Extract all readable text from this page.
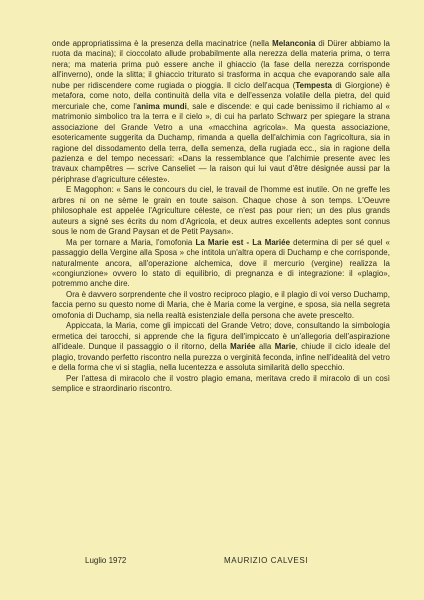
onde appropriatissima è la presenza della macinatrice (nella Melanconia di Dürer abbiamo la ruota da macina); il cioccolato allude probabilmente alla nerezza della materia prima, o terra nera; ma materia prima può essere anche il ghiaccio (la fase della nerezza corrisponde all'inverno), onde la slitta; il ghiaccio triturato si trasforma in acqua che evaporando sale alla nube per ridiscendere come rugiada o pioggia. Il ciclo dell'acqua (Tempesta di Giorgione) è metafora, come noto, della continuità della vita e dell'essenza volatile della pietra, del quid mercuriale che, come l'anima mundi, sale e discende: e qui cade benissimo il richiamo al « matrimonio simbolico tra la terra e il cielo », di cui ha parlato Schwarz per spiegare la strana associazione del Grande Vetro a una «macchina agricola». Ma questa associazione, esotericamente suggerita da Duchamp, rimanda a quella dell'alchimia con l'agricoltura, sia in ragione del dissodamento della terra, della semenza, della rugiada ecc., sia in ragione della pazienza e del tempo necessari: «Dans la ressemblance que l'alchimie presente avec les travaux champêtres — scrive Canseliet — la raison qui lui vaut d'être désignée aussi par la périphrase d'agriculture céleste».

E Magophon: « Sans le concours du ciel, le travail de l'homme est inutile. On ne greffe les arbres ni on ne sème le grain en toute saison. Chaque chose à son temps. L'Oeuvre philosophale est appelée l'Agriculture céleste, ce n'est pas pour rien; un des plus grands auteurs a signé ses écrits du nom d'Agricola, et deux autres excellents adeptes sont connus sous le nom de Grand Paysan et de Petit Paysan».

Ma per tornare a Maria, l'omofonia La Marie est - La Mariée determina di per sé quel « passaggio della Vergine alla Sposa » che intitola un'altra opera di Duchamp e che corrisponde, naturalmente ancora, all'operazione alchemica, dove il mercurio (vergine) realizza la «congiunzione» ovvero lo stato di equilibrio, di pregnanza e di integrazione: il «plagio», potremmo anche dire.

Ora è davvero sorprendente che il vostro reciproco plagio, e il plagio di voi verso Duchamp, faccia perno su questo nome di Maria, che è Maria come la vergine, e sposa, sia nella segreta omofonia di Duchamp, sia nella realtà esistenziale della persona che avete prescelto.

Appiccata, la Maria, come gli impiccati del Grande Vetro; dove, consultando la simbologia ermetica dei tarocchi, si apprende che la figura dell'impiccato è un'allegoria dell'aspirazione all'ideale. Dunque il passaggio o il ritorno, della Mariée alla Marie, chiude il ciclo ideale del plagio, trovando perfetto riscontro nella purezza o verginità feconda, infine nell'idealità del vetro e della forma che vi si staglia, nella lucentezza e assoluta similarità dello specchio.

Per l'attesa di miracolo che il vostro plagio emana, meritava credo il miracolo di un così semplice e straordinario riscontro.

Luglio 1972	MAURIZIO CALVESI
